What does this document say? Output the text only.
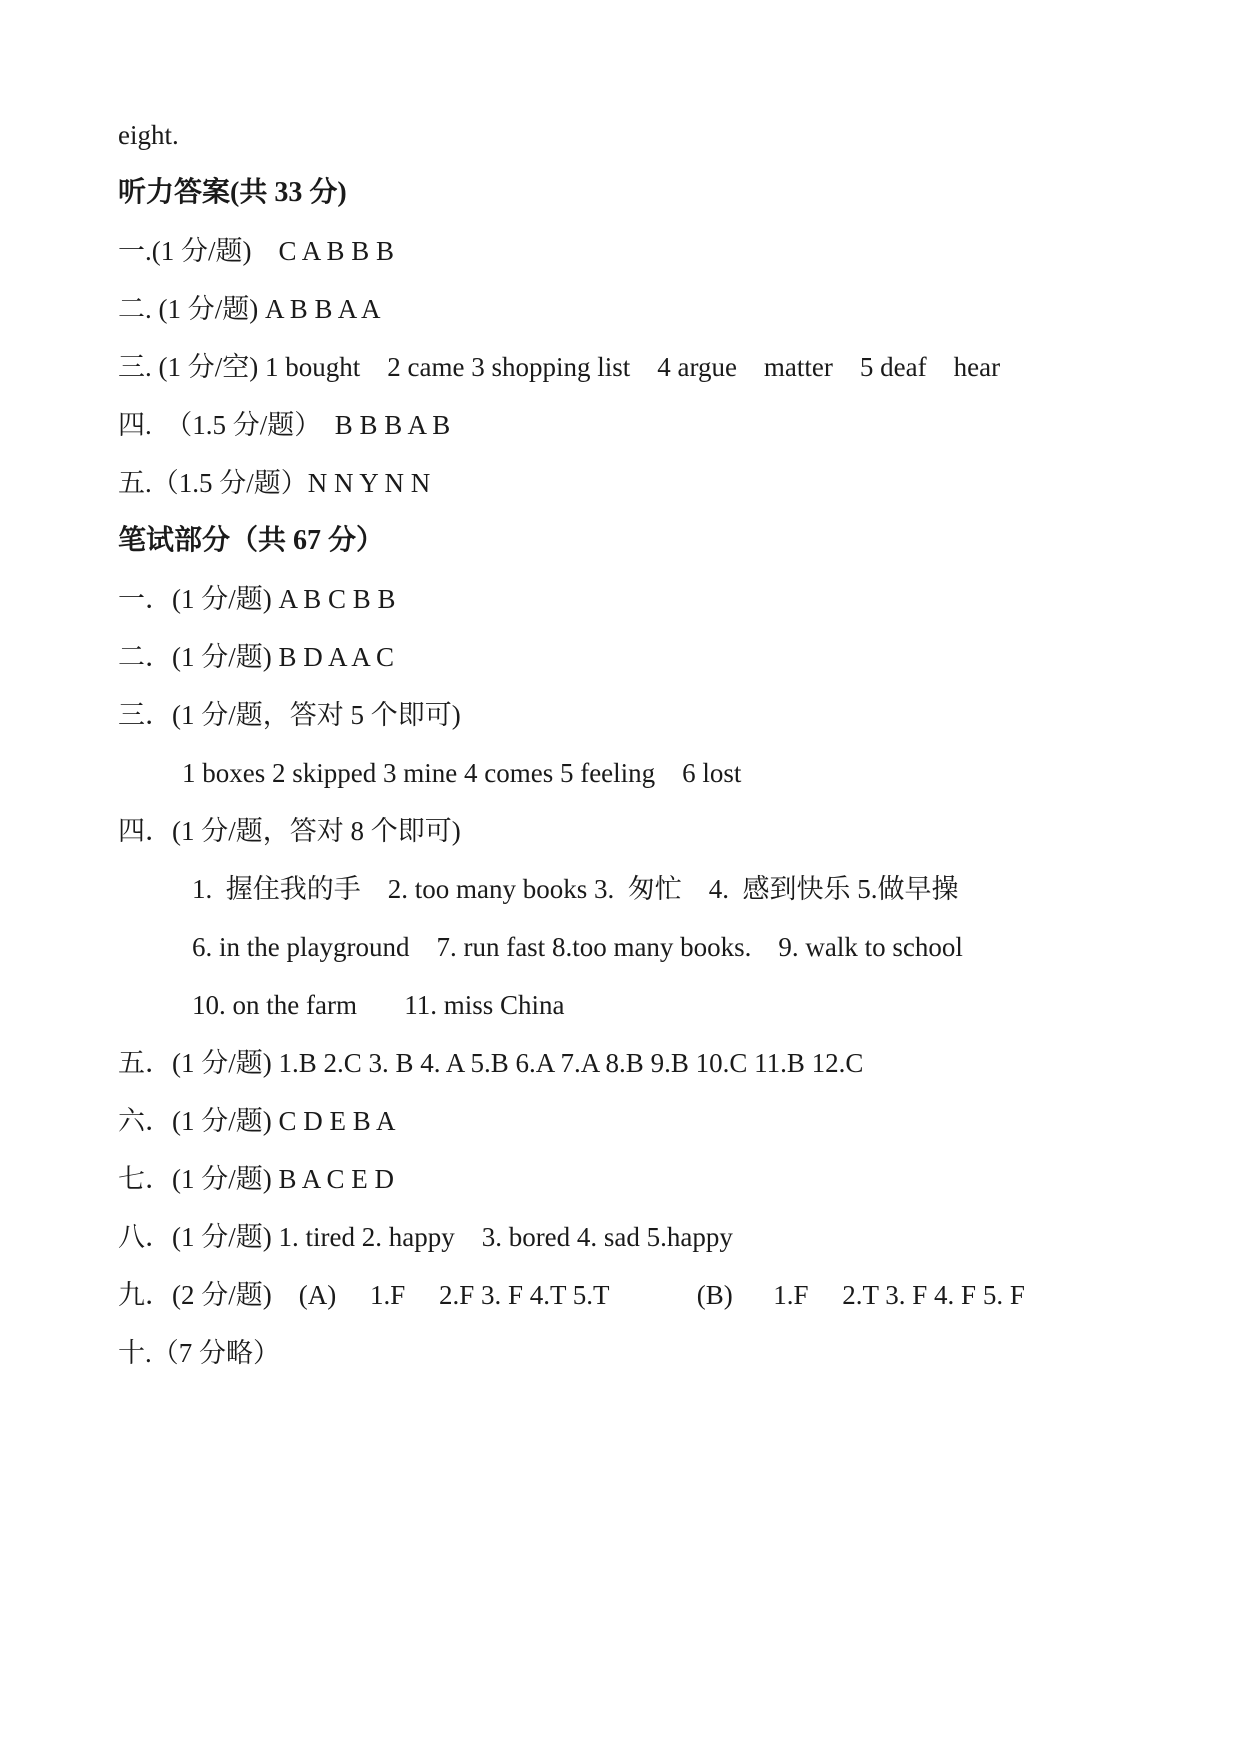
eight.
听力答案(共 33 分)
一.(1 分/题)    C A B B B
二. (1 分/题) A B B A A
三. (1 分/空) 1 bought    2 came 3 shopping list    4 argue    matter    5 deaf    hear
四.  （1.5 分/题）  B B B A B
五.（1.5 分/题）N N Y N N
笔试部分（共 67 分）
一．(1 分/题) A B C B B
二．(1 分/题) B D A A C
三．(1 分/题，答对 5 个即可)
1 boxes 2 skipped 3 mine 4 comes 5 feeling    6 lost
四．(1 分/题，答对 8 个即可)
1.  握住我的手    2. too many books 3.  匆忙    4.  感到快乐 5.做早操
6. in the playground    7. run fast 8.too many books.    9. walk to school
10. on the farm       11. miss China
五．(1 分/题) 1.B 2.C 3. B 4. A 5.B 6.A 7.A 8.B 9.B 10.C 11.B 12.C
六．(1 分/题) C D E B A
七．(1 分/题) B A C E D
八．(1 分/题) 1. tired 2. happy    3. bored 4. sad 5.happy
九．(2 分/题)    (A)     1.F     2.F 3. F 4.T 5.T             (B)      1.F     2.T 3. F 4. F 5. F
十.（7 分略）
